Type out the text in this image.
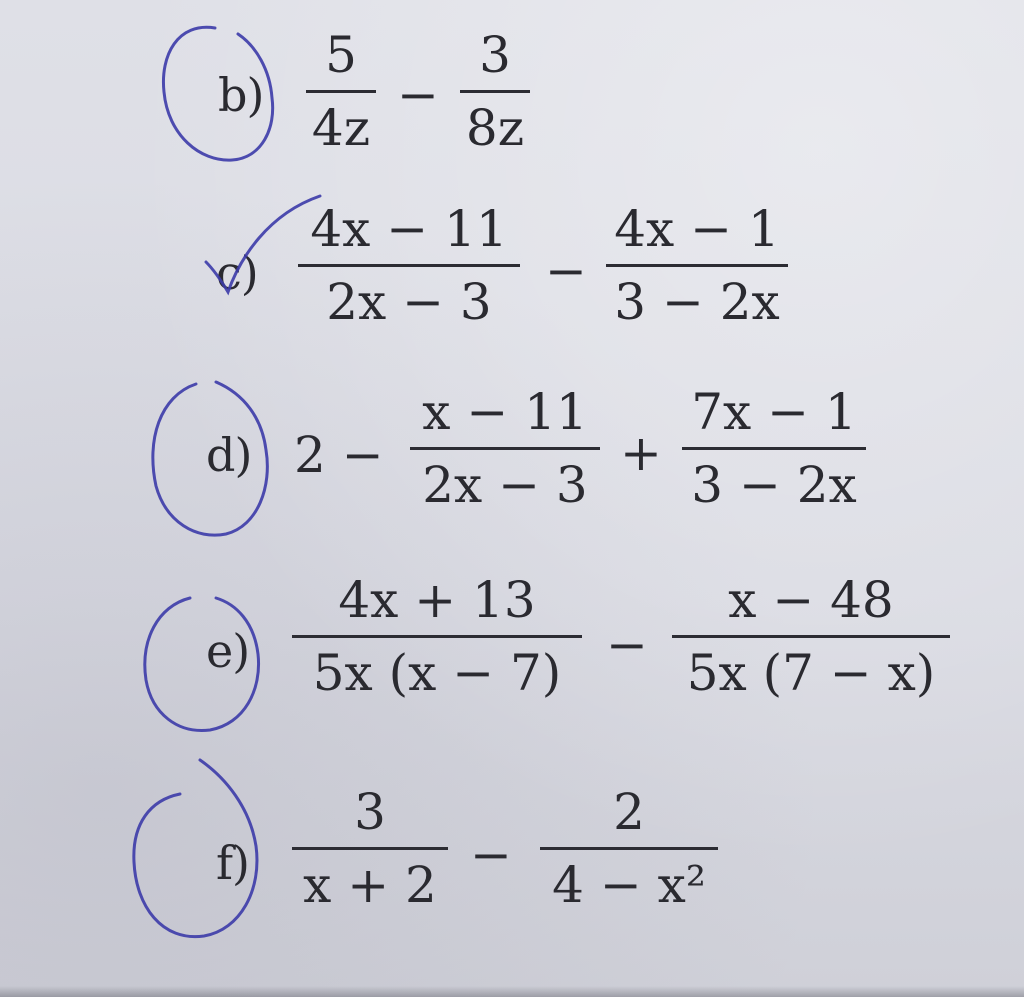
b)
5
4z
−
3
8z
c)
4x − 11
2x − 3
−
4x − 1
3 − 2x
d) 2 −
x − 11
2x − 3
+
7x − 1
3 − 2x
e)
4x + 13
5x (x − 7) −
x − 48
5x (7 − x)
f)
3
x + 2
−
2
4 − x²
